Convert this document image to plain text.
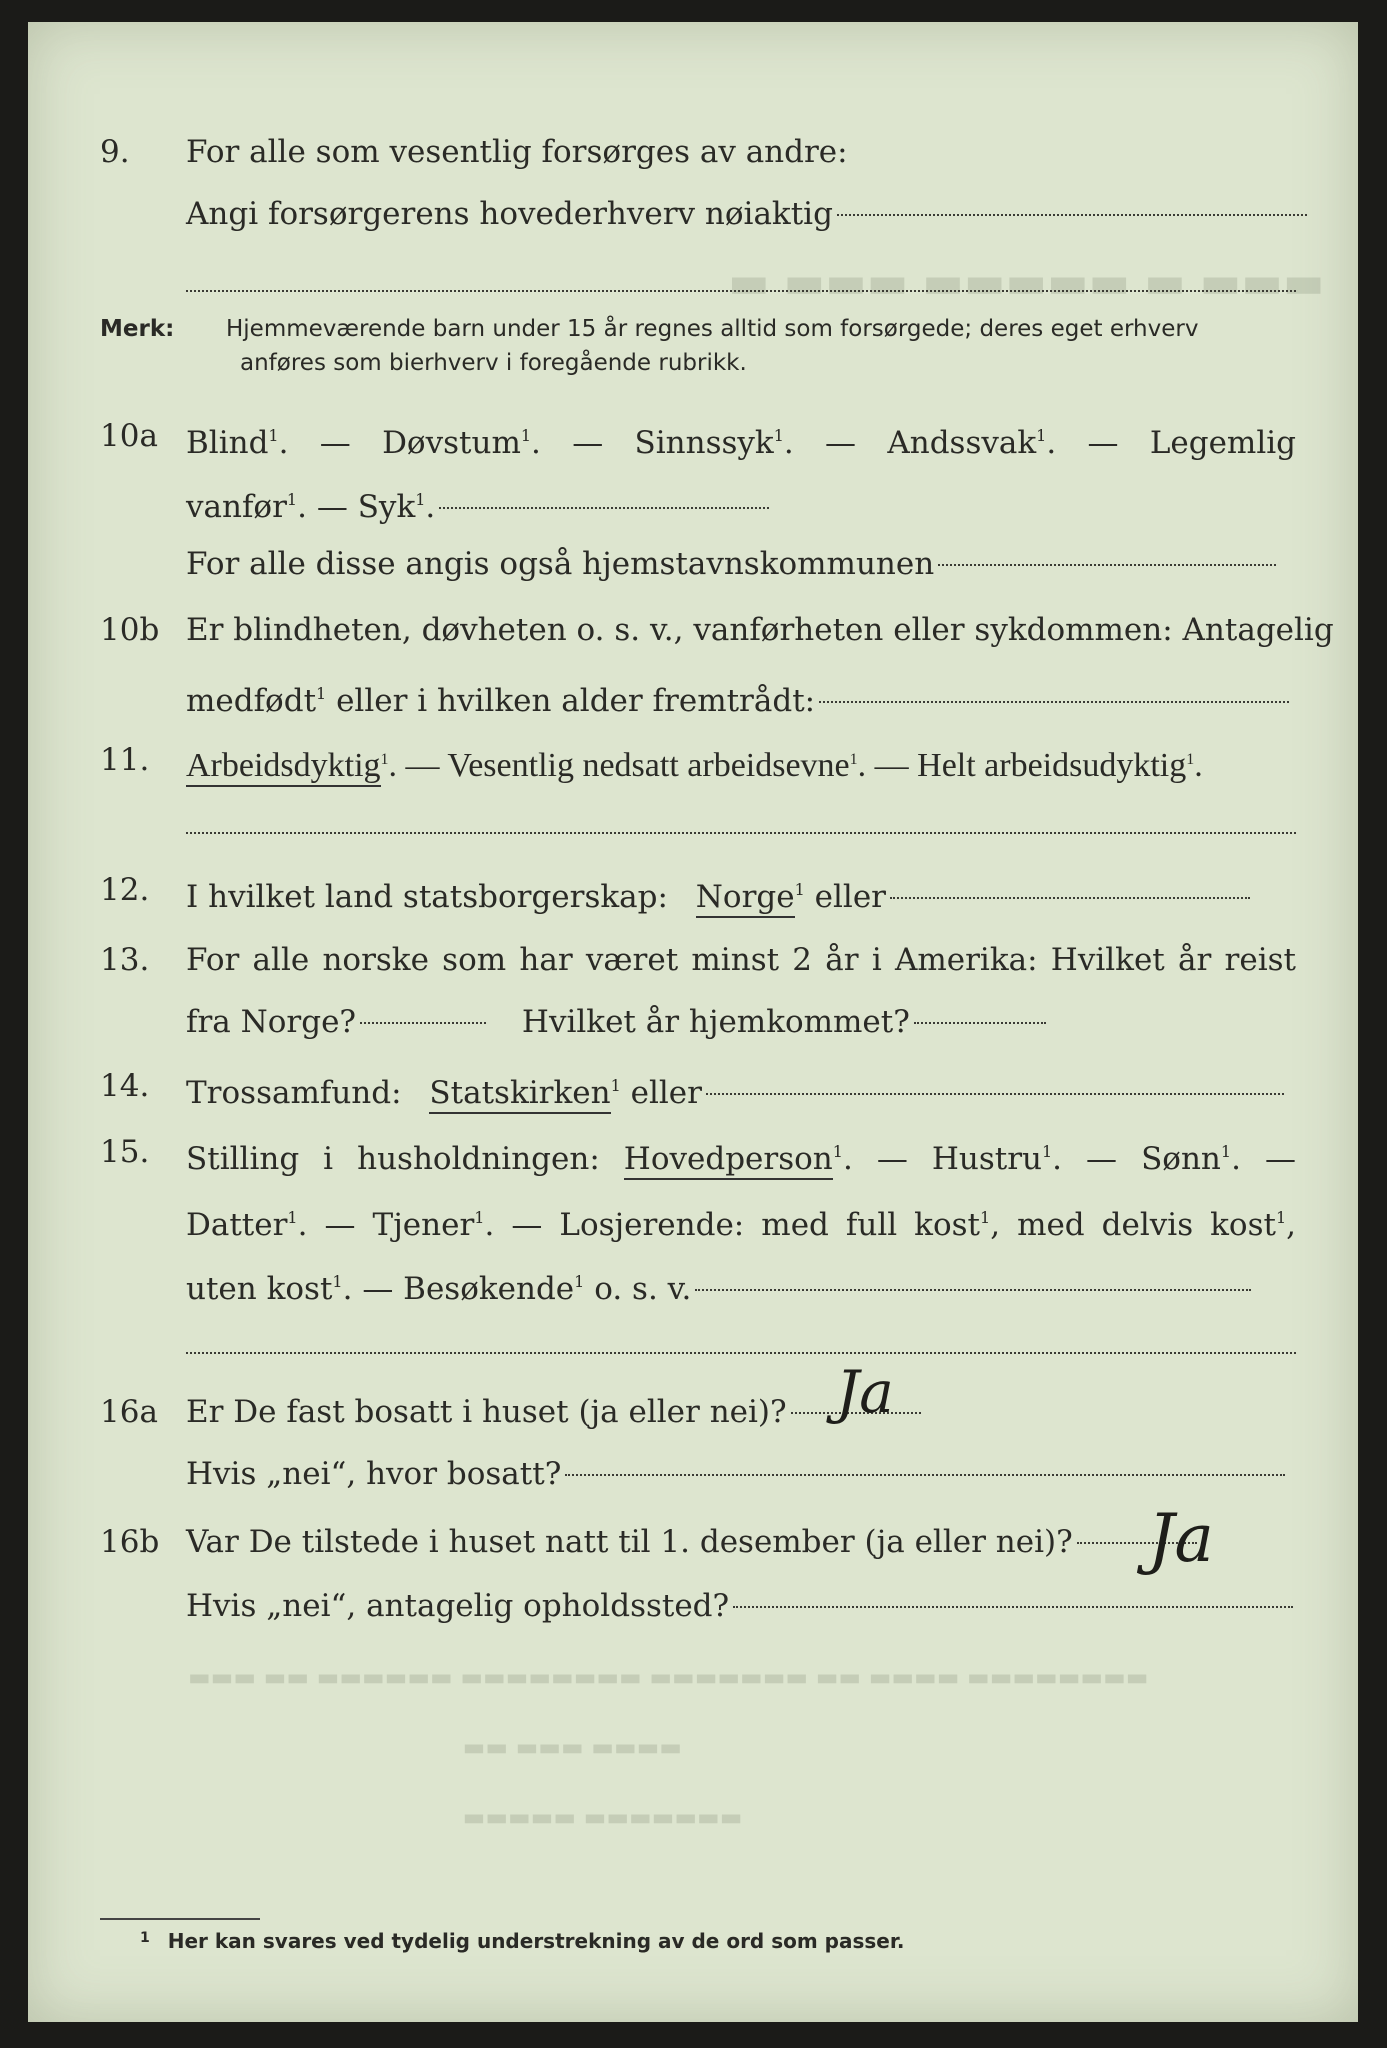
▬ ▬▬▬ ▬▬▬▬▬ ▬ ▬▬▬
9.	For alle som vesentlig forsørges av andre:
Angi forsørgerens hovederhverv nøiaktig
Merk: Hjemmeværende barn under 15 år regnes alltid som forsørgede; deres eget erhverv
anføres som bierhverv i foregående rubrikk.
10a Blind$^1$. — Døvstum$^1$. — Sinnssyk$^1$. — Andssvak$^1$. — Legemlig
vanfør$^1$. — Syk$^1$.
For alle disse angis også hjemstavnskommunen
10b Er blindheten, døvheten o. s. v., vanførheten eller sykdommen: Antagelig
medfødt$^1$ eller i hvilken alder fremtrådt:
11.	Arbeidsdyktig$^1$. — Vesentlig nedsatt arbeidsevne$^1$. — Helt arbeidsudyktig$^1$.
12.	I hvilket land statsborgerskap: Norge$^1$ eller
13.	For alle norske som har været minst 2 år i Amerika: Hvilket år reist
fra Norge?	Hvilket år hjemkommet?
14.	Trossamfund: Statskirken$^1$ eller
15.	Stilling i husholdningen: Hovedperson$^1$. — Hustru$^1$. — Sønn$^1$. —
Datter$^1$. — Tjener$^1$. — Losjerende: med full kost$^1$, med delvis kost$^1$,
uten kost$^1$. — Besøkende$^1$ o. s. v.
16a Er De fast bosatt i huset (ja eller nei)? Ja
Hvis „nei“, hvor bosatt?
16b Var De tilstede i huset natt til 1. desember (ja eller nei)?	Ja
Hvis „nei“, antagelig opholdssted?
▬▬▬ ▬▬ ▬▬▬▬▬▬ ▬▬▬▬▬▬▬▬ ▬▬▬▬▬▬▬ ▬▬ ▬▬▬▬ ▬▬▬▬▬▬▬▬
▬▬ ▬▬▬ ▬▬▬▬
▬▬▬▬▬ ▬▬▬▬▬▬▬
$^1$ Her kan svares ved tydelig understrekning av de ord som passer.
